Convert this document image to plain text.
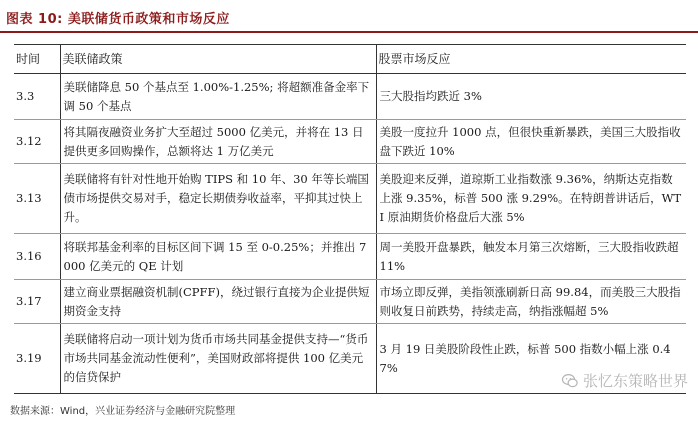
图表 10: 美联储货币政策和市场反应
时间	美联储政策	股票市场反应
3.3	美联储降息 50 个基点至 1.00%-1.25%; 将超额准备金率下调 50 个基点	三大股指均跌近 3%
3.12	将其隔夜融资业务扩大至超过 5000 亿美元，并将在 13 日提供更多回购操作，总额将达 1 万亿美元	美股一度拉升 1000 点，但很快重新暴跌，美国三大股指收盘下跌近 10%
3.13	美联储将有针对性地开始购 TIPS 和 10 年、30 年等长端国债市场提供交易对手，稳定长期债券收益率，平抑其过快上升。	美股迎来反弹，道琼斯工业指数涨 9.36%，纳斯达克指数上涨 9.35%，标普 500 涨 9.29%。在特朗普讲话后，WTI 原油期货价格盘后大涨 5%
3.16	将联邦基金利率的目标区间下调 15 至 0-0.25%；并推出 7000 亿美元的 QE 计划	周一美股开盘暴跌，触发本月第三次熔断，三大股指收跌超 11%
3.17	建立商业票据融资机制(CPFF)，绕过银行直接为企业提供短期资金支持	市场立即反弹，美指领涨刷新日高 99.84，而美股三大股指则收复日前跌势，持续走高，纳指涨幅超 5%
3.19	美联储将启动一项计划为货币市场共同基金提供支持—“货币市场共同基金流动性便利”，美国财政部将提供 100 亿美元的信贷保护	3 月 19 日美股阶段性止跌，标普 500 指数小幅上涨 0.47%
张忆东策略世界
数据来源：Wind，兴业证券经济与金融研究院整理
